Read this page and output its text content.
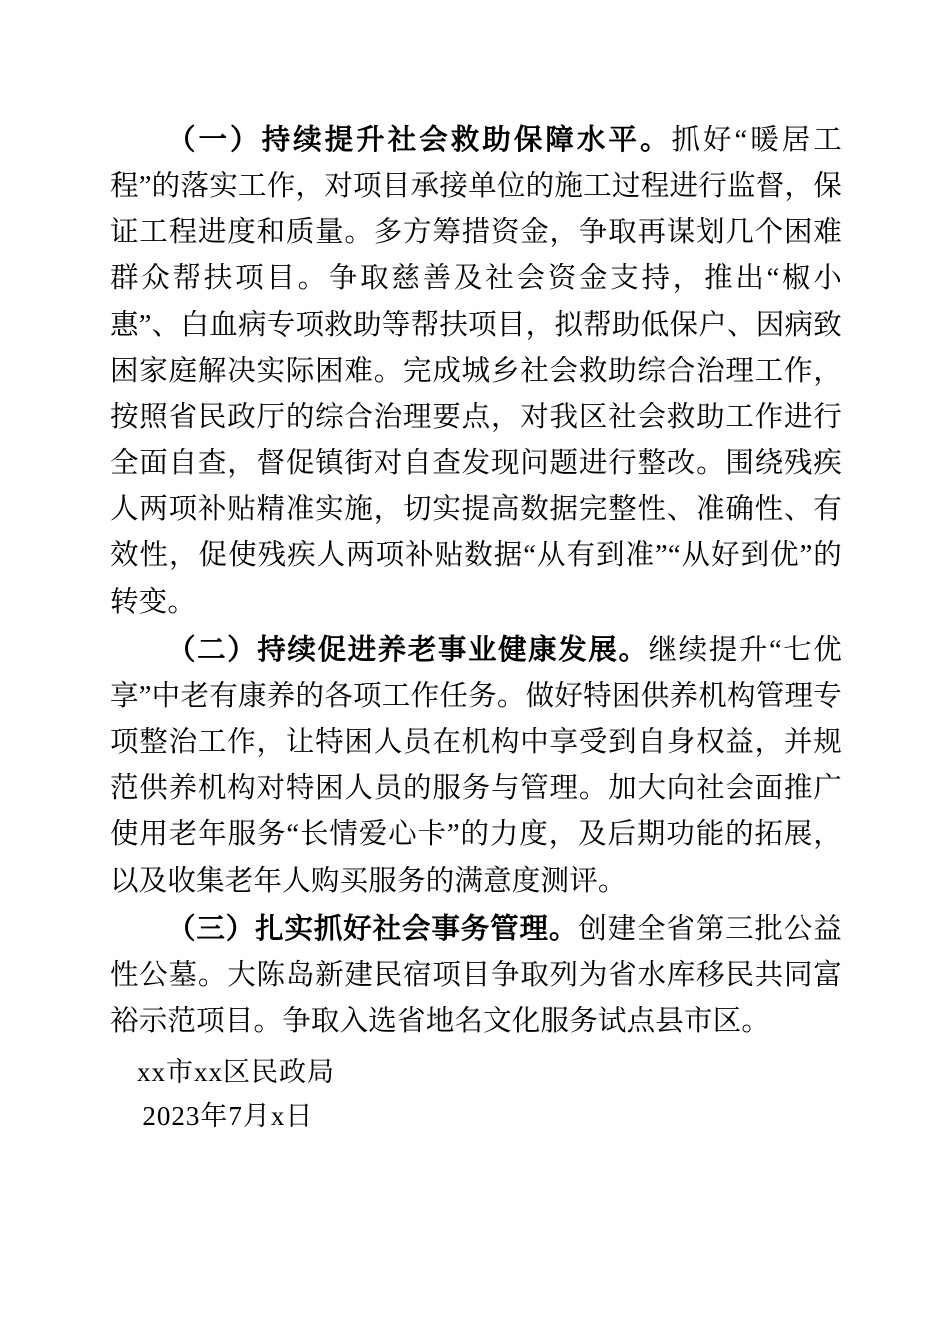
（一）持续提升社会救助保障水平。抓好“暖居工程”的落实工作，对项目承接单位的施工过程进行监督，保证工程进度和质量。多方筹措资金，争取再谋划几个困难群众帮扶项目。争取慈善及社会资金支持，推出“椒小惠”、白血病专项救助等帮扶项目，拟帮助低保户、因病致困家庭解决实际困难。完成城乡社会救助综合治理工作，按照省民政厅的综合治理要点，对我区社会救助工作进行全面自查，督促镇街对自查发现问题进行整改。围绕残疾人两项补贴精准实施，切实提高数据完整性、准确性、有效性，促使残疾人两项补贴数据“从有到准”“从好到优”的转变。

（二）持续促进养老事业健康发展。继续提升“七优享”中老有康养的各项工作任务。做好特困供养机构管理专项整治工作，让特困人员在机构中享受到自身权益，并规范供养机构对特困人员的服务与管理。加大向社会面推广使用老年服务“长情爱心卡”的力度，及后期功能的拓展，以及收集老年人购买服务的满意度测评。

（三）扎实抓好社会事务管理。创建全省第三批公益性公墓。大陈岛新建民宿项目争取列为省水库移民共同富裕示范项目。争取入选省地名文化服务试点县市区。

xx市xx区民政局

2023年7月x日
